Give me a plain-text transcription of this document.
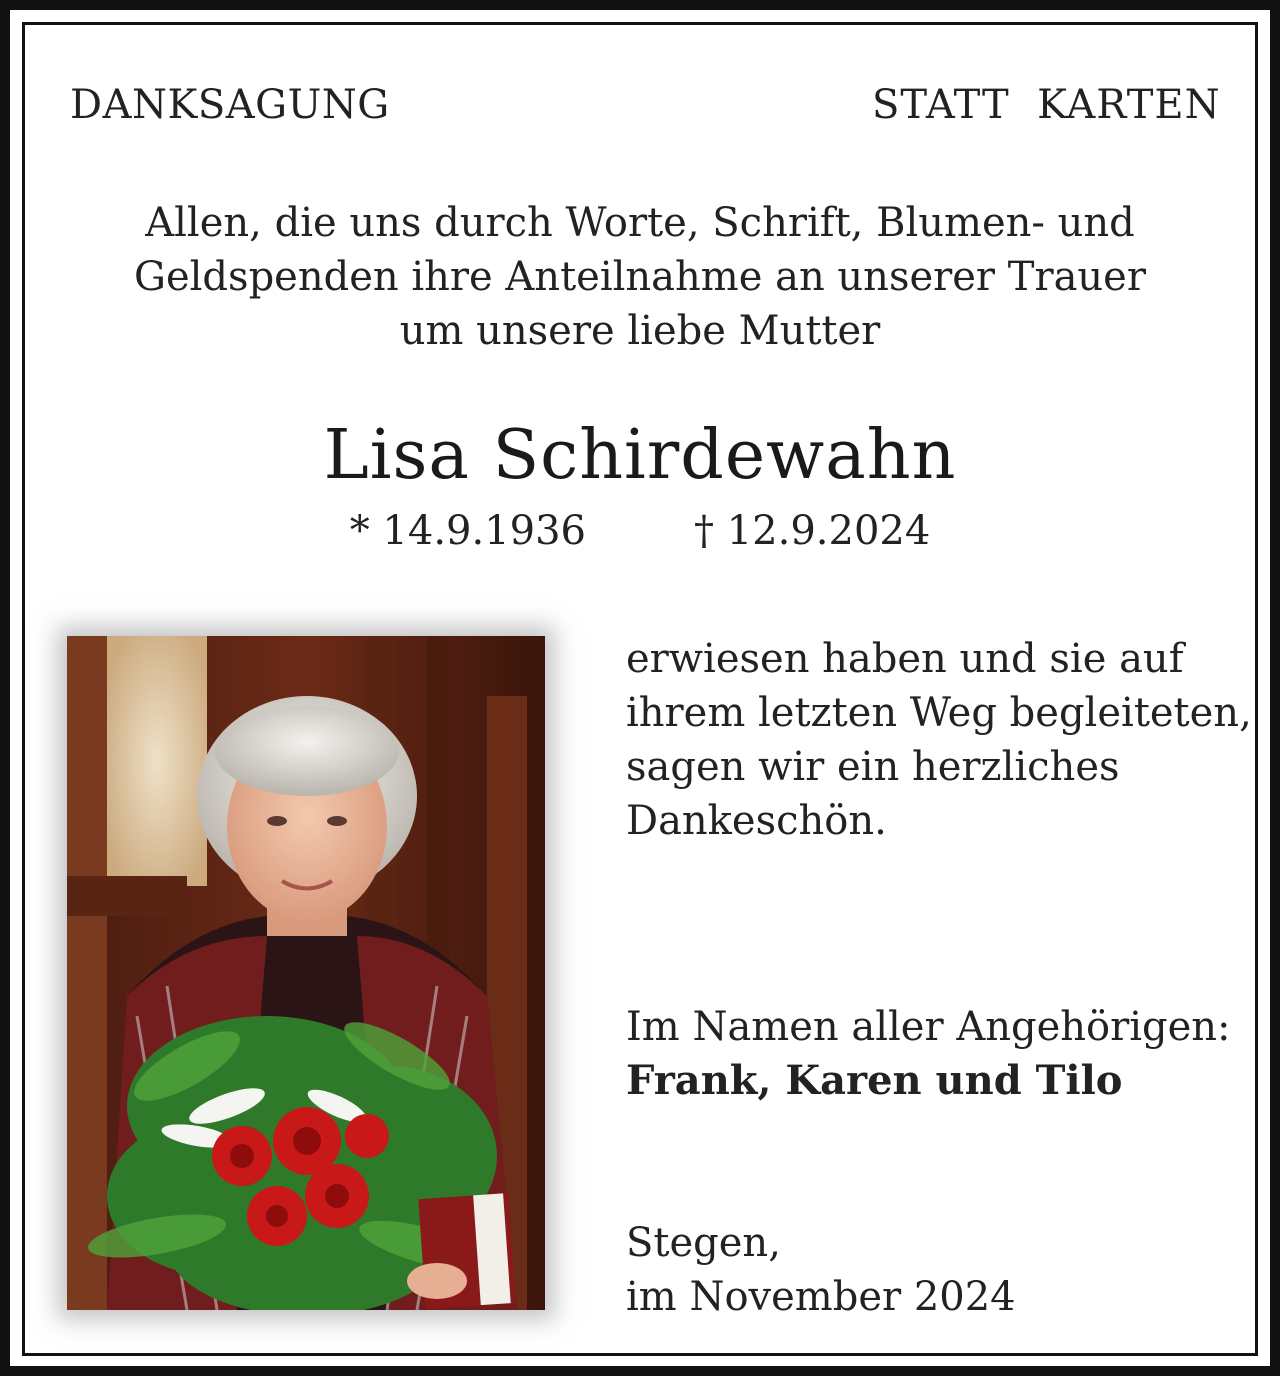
DANKSAGUNG	STATT  KARTEN
Allen, die uns durch Worte, Schrift, Blumen- und
Geldspenden ihre Anteilnahme an unserer Trauer
um unsere liebe Mutter
Lisa Schirdewahn
* 14.9.1936	† 12.9.2024
erwiesen haben und sie auf
ihrem letzten Weg begleiteten,
sagen wir ein herzliches
Dankeschön.
Im Namen aller Angehörigen:
Frank, Karen und Tilo
Stegen,
im November 2024
